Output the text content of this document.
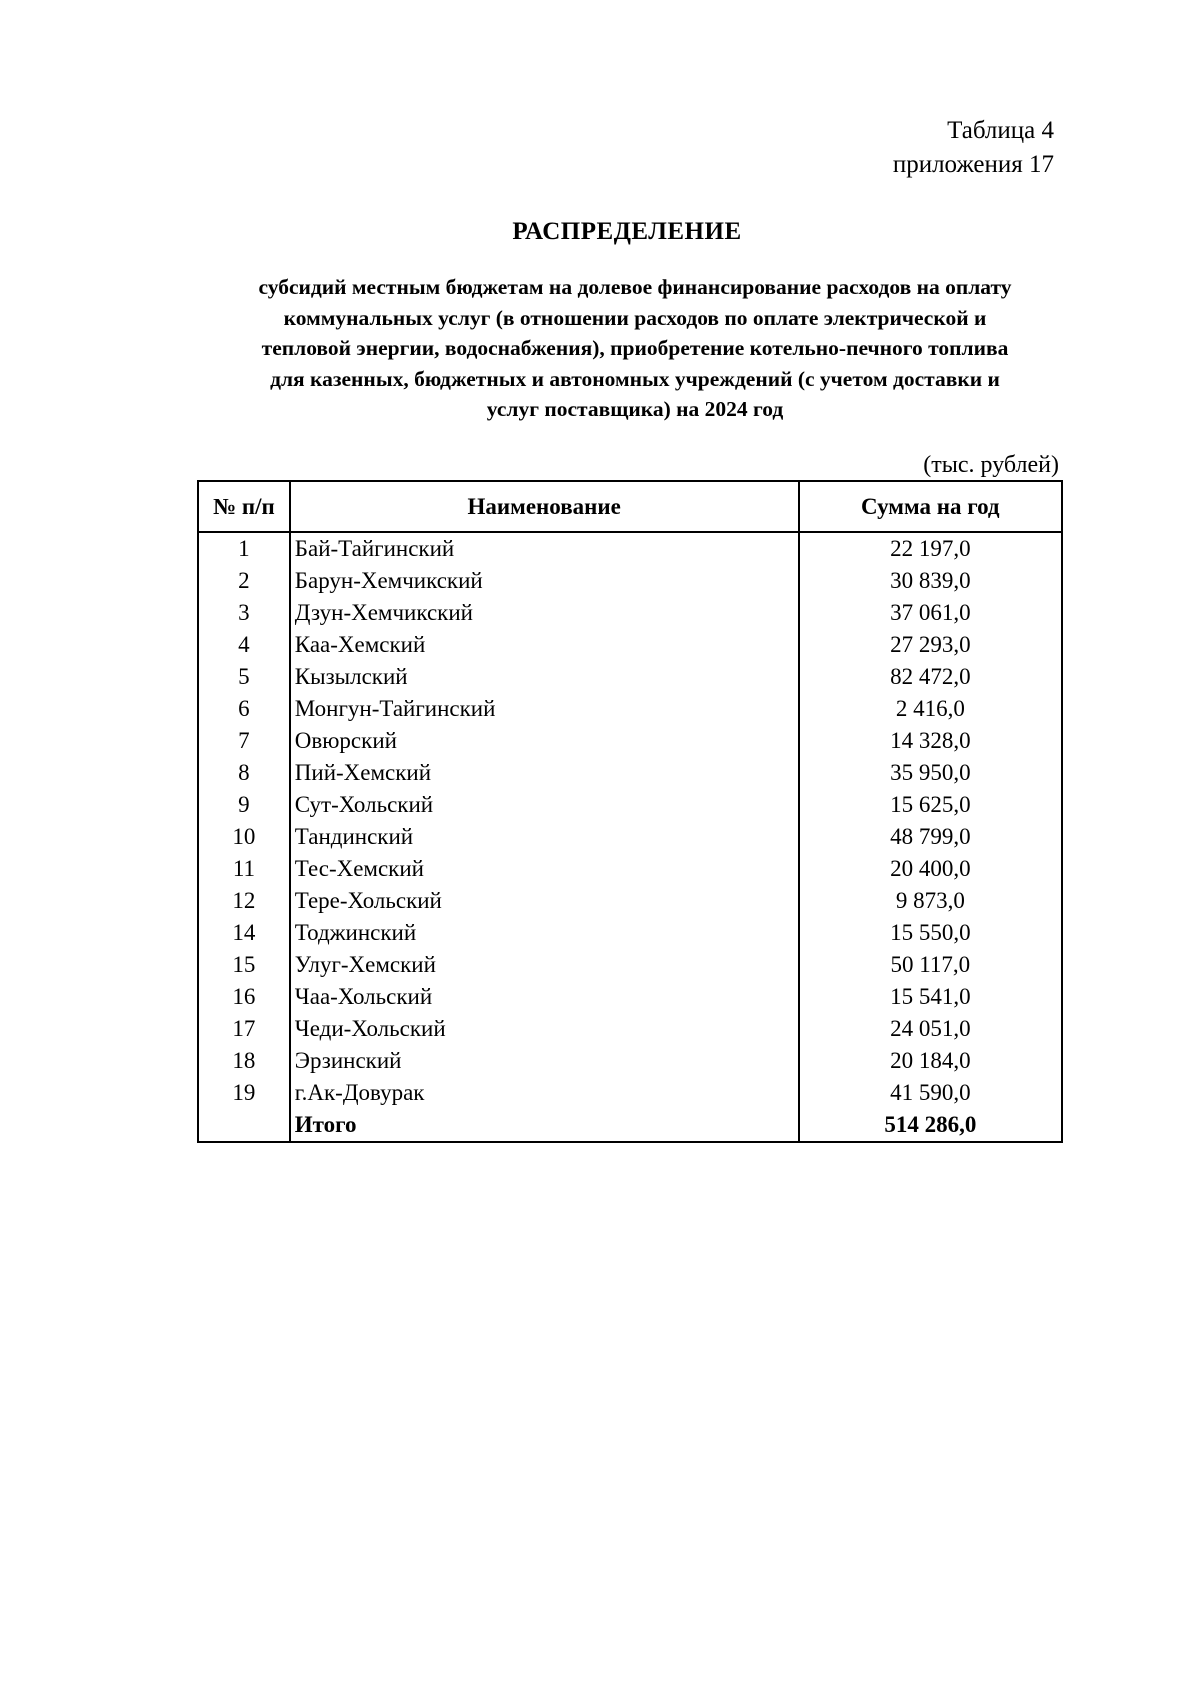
Таблица 4
приложения 17
РАСПРЕДЕЛЕНИЕ
субсидий местным бюджетам на долевое финансирование расходов на оплату
коммунальных услуг (в отношении расходов по оплате электрической и
тепловой энергии, водоснабжения), приобретение котельно-печного топлива
для казенных, бюджетных и автономных учреждений (с учетом доставки и
услуг поставщика) на 2024 год
(тыс. рублей)
№ п/п	Наименование	Сумма на год
1	Бай-Тайгинский	22 197,0
2	Барун-Хемчикский	30 839,0
3	Дзун-Хемчикский	37 061,0
4	Каа-Хемский	27 293,0
5	Кызылский	82 472,0
6	Монгун-Тайгинский	2 416,0
7	Овюрский	14 328,0
8	Пий-Хемский	35 950,0
9	Сут-Хольский	15 625,0
10	Тандинский	48 799,0
11	Тес-Хемский	20 400,0
12	Тере-Хольский	9 873,0
14	Тоджинский	15 550,0
15	Улуг-Хемский	50 117,0
16	Чаа-Хольский	15 541,0
17	Чеди-Хольский	24 051,0
18	Эрзинский	20 184,0
19	г.Ак-Довурак	41 590,0
	Итого	514 286,0
